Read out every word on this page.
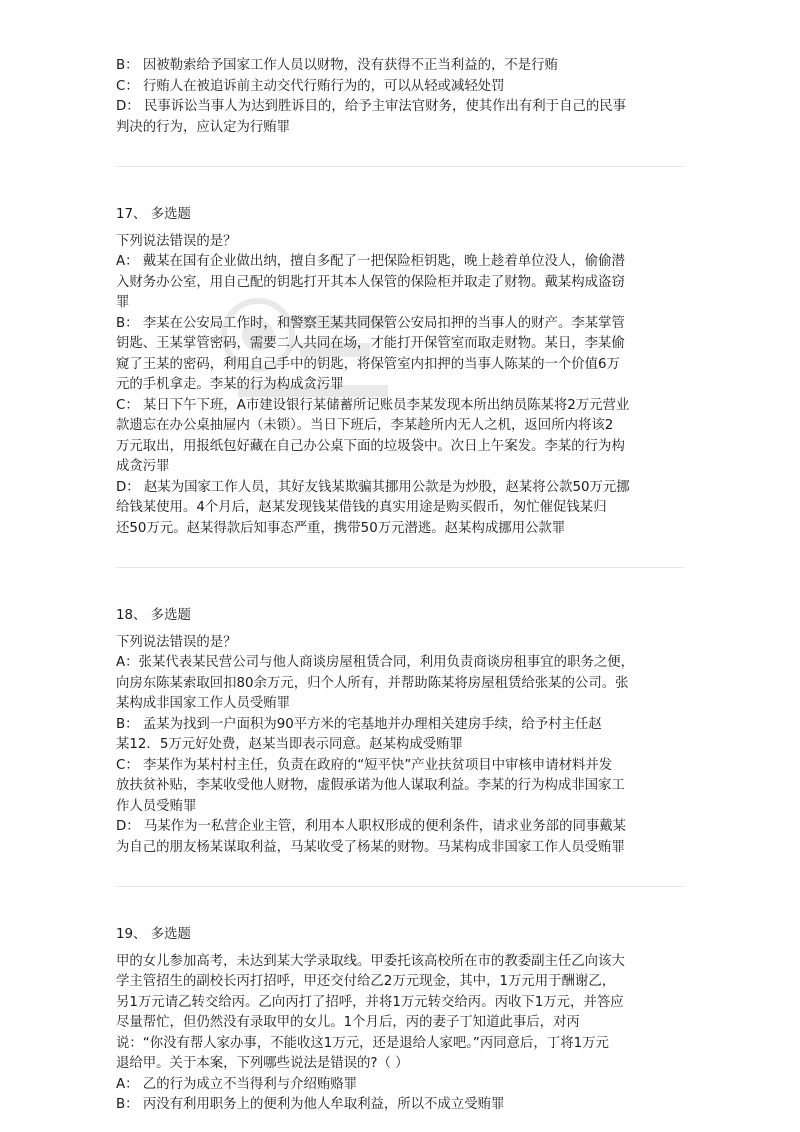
B： 因被勒索给予国家工作人员以财物，没有获得不正当利益的，不是行贿
C： 行贿人在被追诉前主动交代行贿行为的，可以从轻或减轻处罚
D： 民事诉讼当事人为达到胜诉目的，给予主审法官财务，使其作出有利于自己的民事
判决的行为，应认定为行贿罪
17、 多选题
下列说法错误的是？
A： 戴某在国有企业做出纳，擅自多配了一把保险柜钥匙，晚上趁着单位没人，偷偷潜
入财务办公室，用自己配的钥匙打开其本人保管的保险柜并取走了财物。戴某构成盗窃
罪
B： 李某在公安局工作时，和警察王某共同保管公安局扣押的当事人的财产。李某掌管
钥匙、王某掌管密码，需要二人共同在场，才能打开保管室而取走财物。某日，李某偷
窥了王某的密码，利用自己手中的钥匙，将保管室内扣押的当事人陈某的一个价值6万
元的手机拿走。李某的行为构成贪污罪
C： 某日下午下班，A市建设银行某储蓄所记账员李某发现本所出纳员陈某将2万元营业
款遗忘在办公桌抽屉内（未锁）。当日下班后，李某趁所内无人之机，返回所内将该2
万元取出，用报纸包好藏在自己办公桌下面的垃圾袋中。次日上午案发。李某的行为构
成贪污罪
D： 赵某为国家工作人员，其好友钱某欺骗其挪用公款是为炒股，赵某将公款50万元挪
给钱某使用。4个月后，赵某发现钱某借钱的真实用途是购买假币，匆忙催促钱某归
还50万元。赵某得款后知事态严重，携带50万元潜逃。赵某构成挪用公款罪
18、 多选题
下列说法错误的是？
A：张某代表某民营公司与他人商谈房屋租赁合同，利用负责商谈房租事宜的职务之便，
向房东陈某索取回扣80余万元，归个人所有，并帮助陈某将房屋租赁给张某的公司。张
某构成非国家工作人员受贿罪
B： 孟某为找到一户面积为90平方米的宅基地并办理相关建房手续，给予村主任赵
某12．5万元好处费，赵某当即表示同意。赵某构成受贿罪
C： 李某作为某村村主任，负责在政府的“短平快”产业扶贫项目中审核申请材料并发
放扶贫补贴，李某收受他人财物，虚假承诺为他人谋取利益。李某的行为构成非国家工
作人员受贿罪
D： 马某作为一私营企业主管，利用本人职权形成的便利条件，请求业务部的同事戴某
为自己的朋友杨某谋取利益，马某收受了杨某的财物。马某构成非国家工作人员受贿罪
19、 多选题
甲的女儿参加高考，未达到某大学录取线。甲委托该高校所在市的教委副主任乙向该大
学主管招生的副校长丙打招呼，甲还交付给乙2万元现金，其中，1万元用于酬谢乙，
另1万元请乙转交给丙。乙向丙打了招呼，并将1万元转交给丙。丙收下1万元，并答应
尽量帮忙，但仍然没有录取甲的女儿。1个月后，丙的妻子丁知道此事后，对丙
说：“你没有帮人家办事，不能收这1万元，还是退给人家吧。”丙同意后，丁将1万元
退给甲。关于本案，下列哪些说法是错误的?（ ）
A： 乙的行为成立不当得利与介绍贿赂罪
B： 丙没有利用职务上的便利为他人牟取利益，所以不成立受贿罪
